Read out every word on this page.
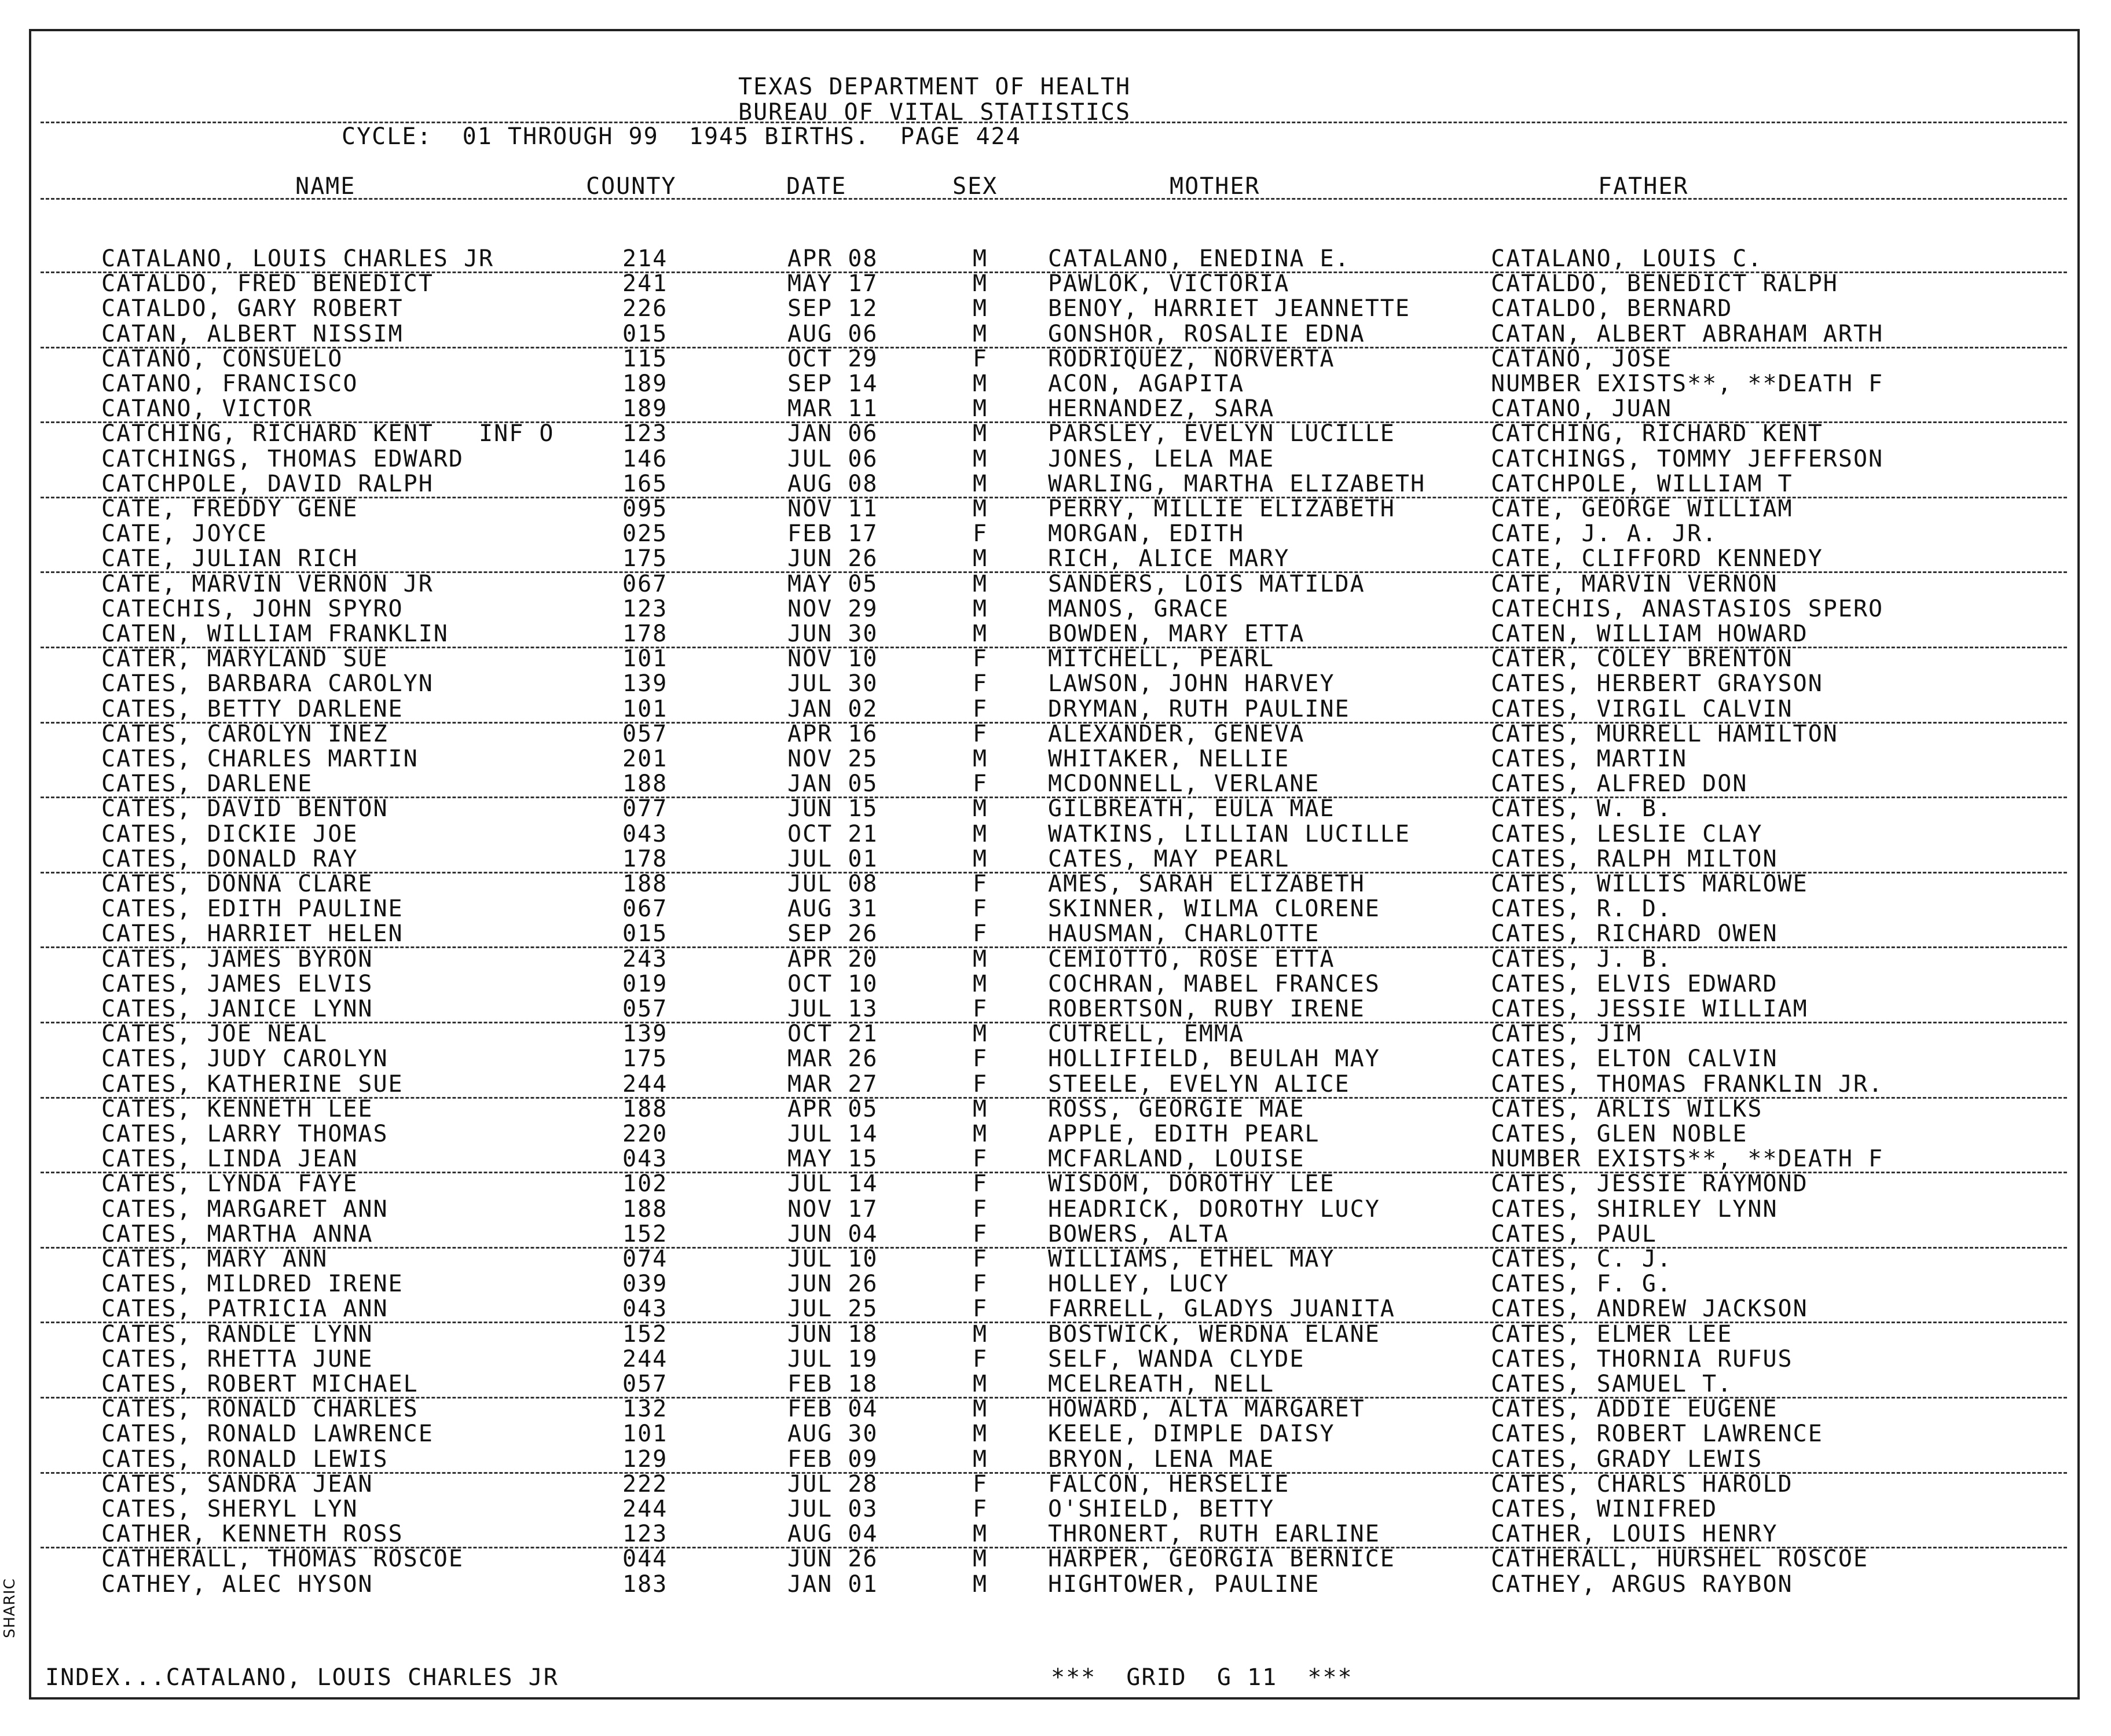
TEXAS DEPARTMENT OF HEALTH
BUREAU OF VITAL STATISTICS
CYCLE:  01 THROUGH 99  1945 BIRTHS.  PAGE 424
NAME	COUNTY	DATE	SEX	MOTHER	FATHER
CATALANO, LOUIS CHARLES JR	214	APR 08	M	CATALANO, ENEDINA E.	CATALANO, LOUIS C.
CATALDO, FRED BENEDICT	241	MAY 17	M	PAWLOK, VICTORIA	CATALDO, BENEDICT RALPH
CATALDO, GARY ROBERT	226	SEP 12	M	BENOY, HARRIET JEANNETTE	CATALDO, BERNARD
CATAN, ALBERT NISSIM	015	AUG 06	M	GONSHOR, ROSALIE EDNA	CATAN, ALBERT ABRAHAM ARTH
CATANO, CONSUELO	115	OCT 29	F	RODRIQUEZ, NORVERTA	CATANO, JOSE
CATANO, FRANCISCO	189	SEP 14	M	ACON, AGAPITA	NUMBER EXISTS**, **DEATH F
CATANO, VICTOR	189	MAR 11	M	HERNANDEZ, SARA	CATANO, JUAN
CATCHING, RICHARD KENT   INF O	123	JAN 06	M	PARSLEY, EVELYN LUCILLE	CATCHING, RICHARD KENT
CATCHINGS, THOMAS EDWARD	146	JUL 06	M	JONES, LELA MAE	CATCHINGS, TOMMY JEFFERSON
CATCHPOLE, DAVID RALPH	165	AUG 08	M	WARLING, MARTHA ELIZABETH	CATCHPOLE, WILLIAM T
CATE, FREDDY GENE	095	NOV 11	M	PERRY, MILLIE ELIZABETH	CATE, GEORGE WILLIAM
CATE, JOYCE	025	FEB 17	F	MORGAN, EDITH	CATE, J. A. JR.
CATE, JULIAN RICH	175	JUN 26	M	RICH, ALICE MARY	CATE, CLIFFORD KENNEDY
CATE, MARVIN VERNON JR	067	MAY 05	M	SANDERS, LOIS MATILDA	CATE, MARVIN VERNON
CATECHIS, JOHN SPYRO	123	NOV 29	M	MANOS, GRACE	CATECHIS, ANASTASIOS SPERO
CATEN, WILLIAM FRANKLIN	178	JUN 30	M	BOWDEN, MARY ETTA	CATEN, WILLIAM HOWARD
CATER, MARYLAND SUE	101	NOV 10	F	MITCHELL, PEARL	CATER, COLEY BRENTON
CATES, BARBARA CAROLYN	139	JUL 30	F	LAWSON, JOHN HARVEY	CATES, HERBERT GRAYSON
CATES, BETTY DARLENE	101	JAN 02	F	DRYMAN, RUTH PAULINE	CATES, VIRGIL CALVIN
CATES, CAROLYN INEZ	057	APR 16	F	ALEXANDER, GENEVA	CATES, MURRELL HAMILTON
CATES, CHARLES MARTIN	201	NOV 25	M	WHITAKER, NELLIE	CATES, MARTIN
CATES, DARLENE	188	JAN 05	F	MCDONNELL, VERLANE	CATES, ALFRED DON
CATES, DAVID BENTON	077	JUN 15	M	GILBREATH, EULA MAE	CATES, W. B.
CATES, DICKIE JOE	043	OCT 21	M	WATKINS, LILLIAN LUCILLE	CATES, LESLIE CLAY
CATES, DONALD RAY	178	JUL 01	M	CATES, MAY PEARL	CATES, RALPH MILTON
CATES, DONNA CLARE	188	JUL 08	F	AMES, SARAH ELIZABETH	CATES, WILLIS MARLOWE
CATES, EDITH PAULINE	067	AUG 31	F	SKINNER, WILMA CLORENE	CATES, R. D.
CATES, HARRIET HELEN	015	SEP 26	F	HAUSMAN, CHARLOTTE	CATES, RICHARD OWEN
CATES, JAMES BYRON	243	APR 20	M	CEMIOTTO, ROSE ETTA	CATES, J. B.
CATES, JAMES ELVIS	019	OCT 10	M	COCHRAN, MABEL FRANCES	CATES, ELVIS EDWARD
CATES, JANICE LYNN	057	JUL 13	F	ROBERTSON, RUBY IRENE	CATES, JESSIE WILLIAM
CATES, JOE NEAL	139	OCT 21	M	CUTRELL, EMMA	CATES, JIM
CATES, JUDY CAROLYN	175	MAR 26	F	HOLLIFIELD, BEULAH MAY	CATES, ELTON CALVIN
CATES, KATHERINE SUE	244	MAR 27	F	STEELE, EVELYN ALICE	CATES, THOMAS FRANKLIN JR.
CATES, KENNETH LEE	188	APR 05	M	ROSS, GEORGIE MAE	CATES, ARLIS WILKS
CATES, LARRY THOMAS	220	JUL 14	M	APPLE, EDITH PEARL	CATES, GLEN NOBLE
CATES, LINDA JEAN	043	MAY 15	F	MCFARLAND, LOUISE	NUMBER EXISTS**, **DEATH F
CATES, LYNDA FAYE	102	JUL 14	F	WISDOM, DOROTHY LEE	CATES, JESSIE RAYMOND
CATES, MARGARET ANN	188	NOV 17	F	HEADRICK, DOROTHY LUCY	CATES, SHIRLEY LYNN
CATES, MARTHA ANNA	152	JUN 04	F	BOWERS, ALTA	CATES, PAUL
CATES, MARY ANN	074	JUL 10	F	WILLIAMS, ETHEL MAY	CATES, C. J.
CATES, MILDRED IRENE	039	JUN 26	F	HOLLEY, LUCY	CATES, F. G.
CATES, PATRICIA ANN	043	JUL 25	F	FARRELL, GLADYS JUANITA	CATES, ANDREW JACKSON
CATES, RANDLE LYNN	152	JUN 18	M	BOSTWICK, WERDNA ELANE	CATES, ELMER LEE
CATES, RHETTA JUNE	244	JUL 19	F	SELF, WANDA CLYDE	CATES, THORNIA RUFUS
CATES, ROBERT MICHAEL	057	FEB 18	M	MCELREATH, NELL	CATES, SAMUEL T.
CATES, RONALD CHARLES	132	FEB 04	M	HOWARD, ALTA MARGARET	CATES, ADDIE EUGENE
CATES, RONALD LAWRENCE	101	AUG 30	M	KEELE, DIMPLE DAISY	CATES, ROBERT LAWRENCE
CATES, RONALD LEWIS	129	FEB 09	M	BRYON, LENA MAE	CATES, GRADY LEWIS
CATES, SANDRA JEAN	222	JUL 28	F	FALCON, HERSELIE	CATES, CHARLS HAROLD
CATES, SHERYL LYN	244	JUL 03	F	O'SHIELD, BETTY	CATES, WINIFRED
CATHER, KENNETH ROSS	123	AUG 04	M	THRONERT, RUTH EARLINE	CATHER, LOUIS HENRY
CATHERALL, THOMAS ROSCOE	044	JUN 26	M	HARPER, GEORGIA BERNICE	CATHERALL, HURSHEL ROSCOE
CATHEY, ALEC HYSON	183	JAN 01	M	HIGHTOWER, PAULINE	CATHEY, ARGUS RAYBON
INDEX...CATALANO, LOUIS CHARLES JR	***  GRID  G 11  ***
SHARIC
